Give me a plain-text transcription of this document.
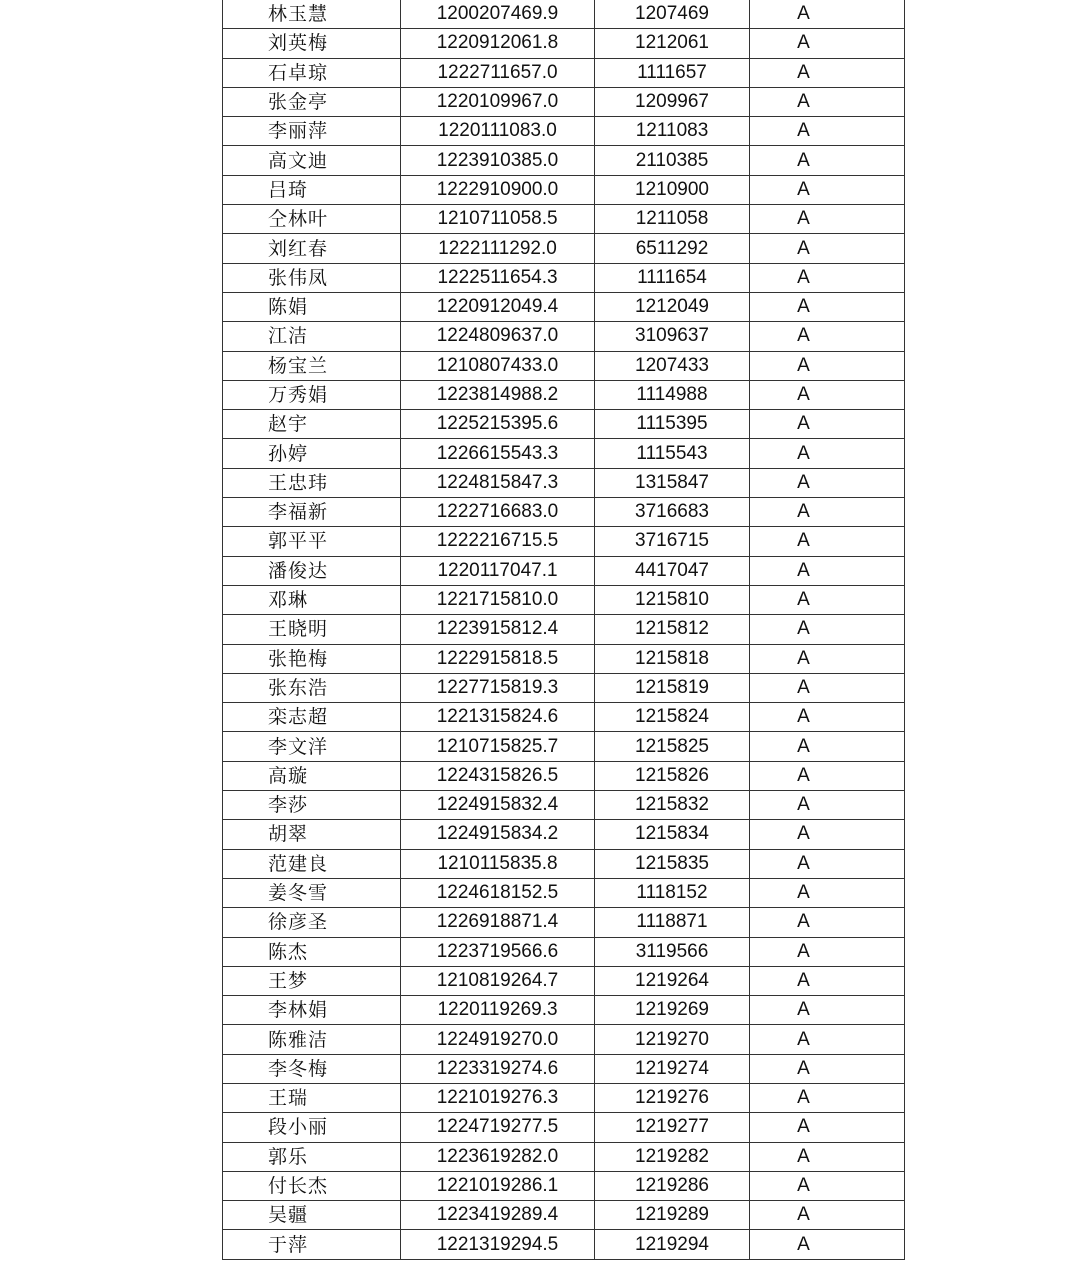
林玉慧	1200207469.9	1207469	A
刘英梅	1220912061.8	1212061	A
石卓琼	1222711657.0	1111657	A
张金亭	1220109967.0	1209967	A
李丽萍	1220111083.0	1211083	A
高文迪	1223910385.0	2110385	A
吕琦	1222910900.0	1210900	A
仝林叶	1210711058.5	1211058	A
刘红春	1222111292.0	6511292	A
张伟凤	1222511654.3	1111654	A
陈娟	1220912049.4	1212049	A
江洁	1224809637.0	3109637	A
杨宝兰	1210807433.0	1207433	A
万秀娟	1223814988.2	1114988	A
赵宇	1225215395.6	1115395	A
孙婷	1226615543.3	1115543	A
王忠玮	1224815847.3	1315847	A
李福新	1222716683.0	3716683	A
郭平平	1222216715.5	3716715	A
潘俊达	1220117047.1	4417047	A
邓琳	1221715810.0	1215810	A
王晓明	1223915812.4	1215812	A
张艳梅	1222915818.5	1215818	A
张东浩	1227715819.3	1215819	A
栾志超	1221315824.6	1215824	A
李文洋	1210715825.7	1215825	A
高璇	1224315826.5	1215826	A
李莎	1224915832.4	1215832	A
胡翠	1224915834.2	1215834	A
范建良	1210115835.8	1215835	A
姜冬雪	1224618152.5	1118152	A
徐彦圣	1226918871.4	1118871	A
陈杰	1223719566.6	3119566	A
王梦	1210819264.7	1219264	A
李林娟	1220119269.3	1219269	A
陈雅洁	1224919270.0	1219270	A
李冬梅	1223319274.6	1219274	A
王瑞	1221019276.3	1219276	A
段小丽	1224719277.5	1219277	A
郭乐	1223619282.0	1219282	A
付长杰	1221019286.1	1219286	A
吴疆	1223419289.4	1219289	A
于萍	1221319294.5	1219294	A
